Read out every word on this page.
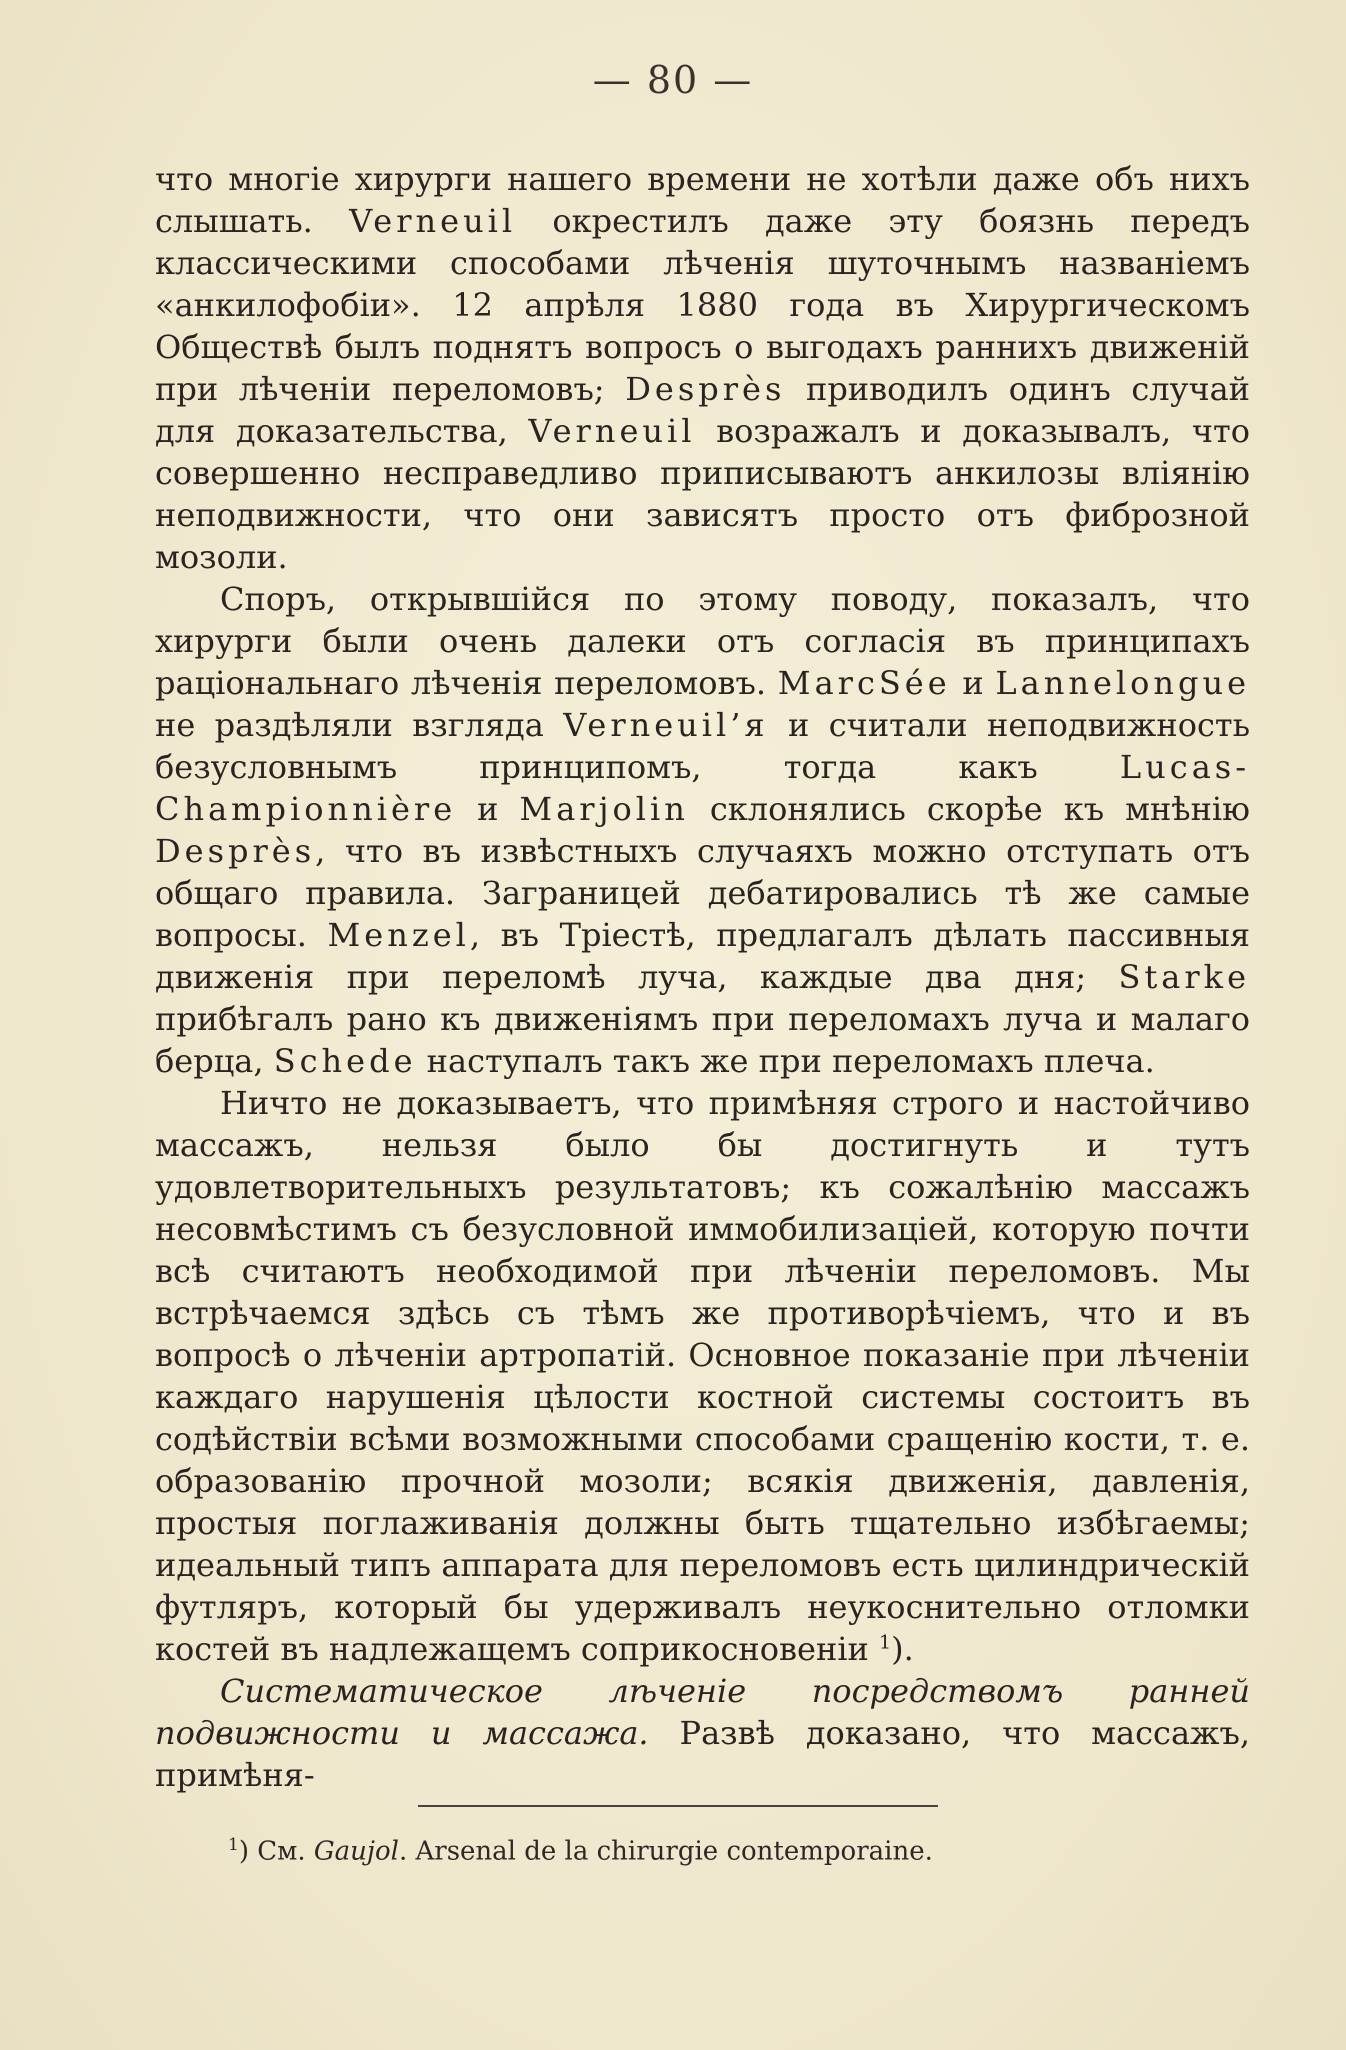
— 80 —

что многіе хирурги нашего времени не хотѣли даже объ нихъ слышать. Verneuil окрестилъ даже эту боязнь передъ классическими способами лѣченія шуточнымъ названіемъ «анкилофобіи». 12 апрѣля 1880 года въ Хирургическомъ Обществѣ былъ поднятъ вопросъ о выгодахъ раннихъ движеній при лѣченіи переломовъ; Desprès приводилъ одинъ случай для доказательства, Verneuil возражалъ и доказывалъ, что совершенно несправедливо приписываютъ анкилозы вліянію неподвижности, что они зависятъ просто отъ фиброзной мозоли.

Споръ, открывшійся по этому поводу, показалъ, что хирурги были очень далеки отъ согласія въ принципахъ раціональнаго лѣченія переломовъ. MarcSée и Lannelongue не раздѣляли взгляда Verneuil’я и считали неподвижность безусловнымъ принципомъ, тогда какъ Lucas-Championnière и Marjolin склонялись скорѣе къ мнѣнію Desprès, что въ извѣстныхъ случаяхъ можно отступать отъ общаго правила. Заграницей дебатировались тѣ же самые вопросы. Menzel, въ Тріестѣ, предлагалъ дѣлать пассивныя движенія при переломѣ луча, каждые два дня; Starke прибѣгалъ рано къ движеніямъ при переломахъ луча и малаго берца, Schede наступалъ такъ же при переломахъ плеча.

Ничто не доказываетъ, что примѣняя строго и настойчиво массажъ, нельзя было бы достигнуть и тутъ удовлетворительныхъ результатовъ; къ сожалѣнію массажъ несовмѣстимъ съ безусловной иммобилизаціей, которую почти всѣ считаютъ необходимой при лѣченіи переломовъ. Мы встрѣчаемся здѣсь съ тѣмъ же противорѣчіемъ, что и въ вопросѣ о лѣченіи артропатій. Основное показаніе при лѣченіи каждаго нарушенія цѣлости костной системы состоитъ въ содѣйствіи всѣми возможными способами сращенію кости, т. е. образованію прочной мозоли; всякія движенія, давленія, простыя поглаживанія должны быть тщательно избѣгаемы; идеальный типъ аппарата для переломовъ есть цилиндрическій футляръ, который бы удерживалъ неукоснительно отломки костей въ надлежащемъ соприкосновеніи $^1$).

Систематическое лѣченіе посредствомъ ранней подвижности и массажа. Развѣ доказано, что массажъ, примѣня-

$^1$) См. Gaujol. Arsenal de la chirurgie contemporaine.
